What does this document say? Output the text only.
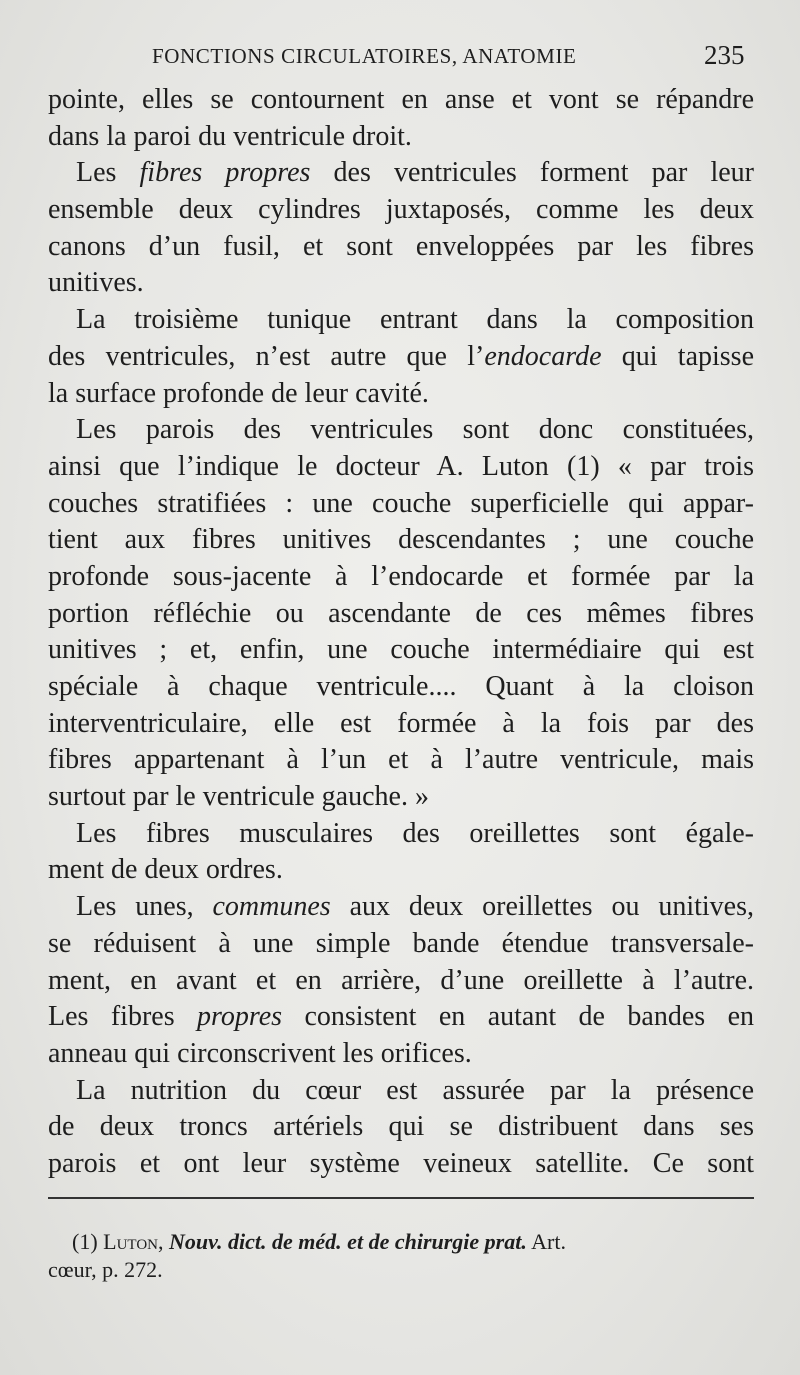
FONCTIONS CIRCULATOIRES, ANATOMIE	235
pointe, elles se contournent en anse et vont se répandre
dans la paroi du ventricule droit.
Les fibres propres des ventricules forment par leur
ensemble deux cylindres juxtaposés, comme les deux
canons d’un fusil, et sont enveloppées par les fibres
unitives.
La troisième tunique entrant dans la composition
des ventricules, n’est autre que l’endocarde qui tapisse
la surface profonde de leur cavité.
Les parois des ventricules sont donc constituées,
ainsi que l’indique le docteur A. Luton (1) « par trois
couches stratifiées : une couche superficielle qui appar-
tient aux fibres unitives descendantes ; une couche
profonde sous-jacente à l’endocarde et formée par la
portion réfléchie ou ascendante de ces mêmes fibres
unitives ; et, enfin, une couche intermédiaire qui est
spéciale à chaque ventricule.... Quant à la cloison
interventriculaire, elle est formée à la fois par des
fibres appartenant à l’un et à l’autre ventricule, mais
surtout par le ventricule gauche. »
Les fibres musculaires des oreillettes sont égale-
ment de deux ordres.
Les unes, communes aux deux oreillettes ou unitives,
se réduisent à une simple bande étendue transversale-
ment, en avant et en arrière, d’une oreillette à l’autre.
Les fibres propres consistent en autant de bandes en
anneau qui circonscrivent les orifices.
La nutrition du cœur est assurée par la présence
de deux troncs artériels qui se distribuent dans ses
parois et ont leur système veineux satellite. Ce sont
(1) Luton, Nouv. dict. de méd. et de chirurgie prat. Art.
cœur, p. 272.
